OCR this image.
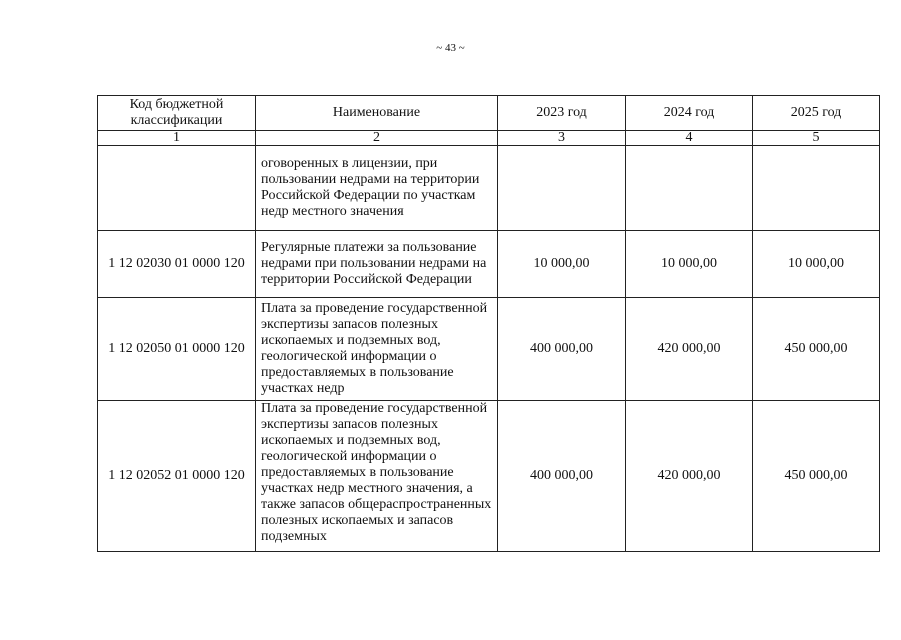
~ 43 ~
Код бюджетной классификации	Наименование	2023 год	2024 год	2025 год
1	2	3	4	5
	оговоренных в лицензии, при пользовании недрами на территории Российской Федерации по участкам недр местного значения			
1 12 02030 01 0000 120	Регулярные платежи за пользование недрами при пользовании недрами на территории Российской Федерации	10 000,00	10 000,00	10 000,00
1 12 02050 01 0000 120	Плата за проведение государственной экспертизы запасов полезных ископаемых и подземных вод, геологической информации о предоставляемых в пользование участках недр	400 000,00	420 000,00	450 000,00
1 12 02052 01 0000 120	Плата за проведение государственной экспертизы запасов полезных ископаемых и подземных вод, геологической информации о предоставляемых в пользование участках недр местного значения, а также запасов общераспространенных полезных ископаемых и запасов подземных	400 000,00	420 000,00	450 000,00
